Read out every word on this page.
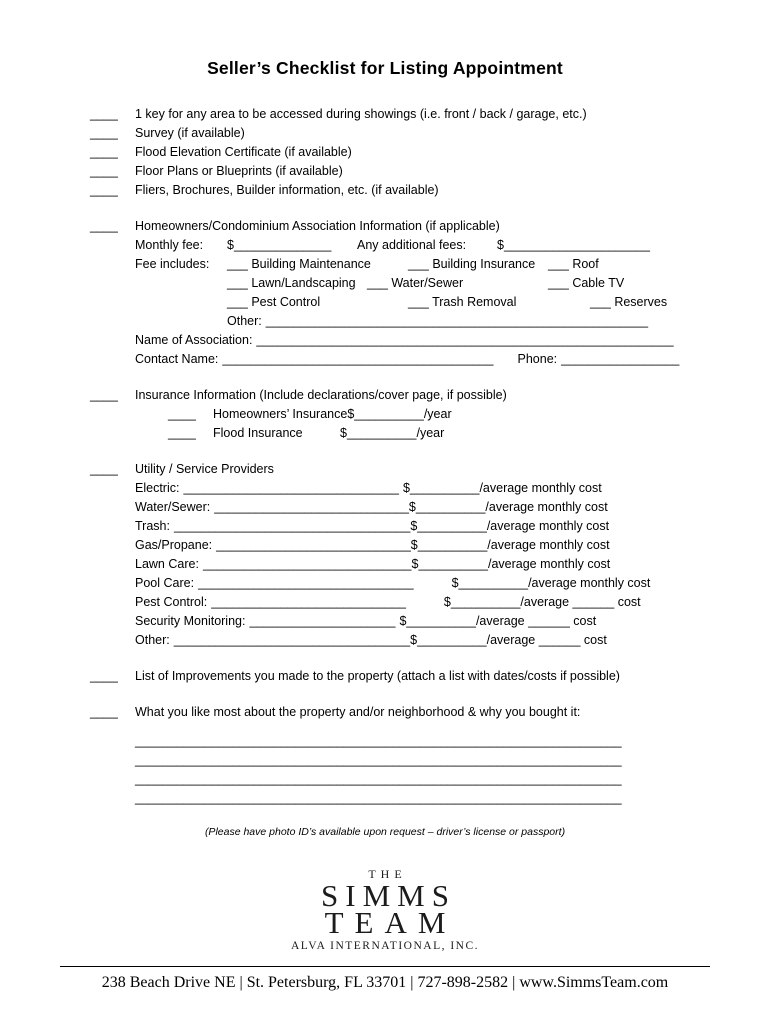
Seller’s Checklist for Listing Appointment
____	1 key for any area to be accessed during showings (i.e. front / back / garage, etc.)
____	Survey (if available)
____	Flood Elevation Certificate (if available)
____	Floor Plans or Blueprints (if available)
____	Fliers, Brochures, Builder information, etc. (if available)
____	Homeowners/Condominium Association Information (if applicable)
Monthly fee:	$______________	Any additional fees:	$_____________________
Fee includes:	___ Building Maintenance	___ Building Insurance	___ Roof
___ Lawn/Landscaping ___ Water/Sewer	___ Cable TV
___ Pest Control	___ Trash Removal	___ Reserves
Other: _______________________________________________________
Name of Association: ____________________________________________________________
Contact Name: _______________________________________ Phone: _________________
____	Insurance Information (Include declarations/cover page, if possible)
____	Homeowners’ Insurance $__________ /year
____	Flood Insurance	$__________ /year
____	Utility / Service Providers
Electric: _______________________________ $__________ /average monthly cost
Water/Sewer: ____________________________ $__________ /average monthly cost
Trash: __________________________________ $__________ /average monthly cost
Gas/Propane: ____________________________ $__________ /average monthly cost
Lawn Care: ______________________________ $__________ /average monthly cost
Pool Care: _______________________________	$__________ /average monthly cost
Pest Control: ____________________________	$__________ /average ______ cost
Security Monitoring: _____________________ $__________ /average ______ cost
Other: __________________________________ $__________ /average ______ cost
____	List of Improvements you made to the property (attach a list with dates/costs if possible)
____	What you like most about the property and/or neighborhood & why you bought it:
______________________________________________________________________
______________________________________________________________________
______________________________________________________________________
______________________________________________________________________
(Please have photo ID’s available upon request – driver’s license or passport)
THE
SIMMS
TEAM
ALVA INTERNATIONAL, INC.
238 Beach Drive NE | St. Petersburg, FL 33701 | 727-898-2582 | www.SimmsTeam.com
